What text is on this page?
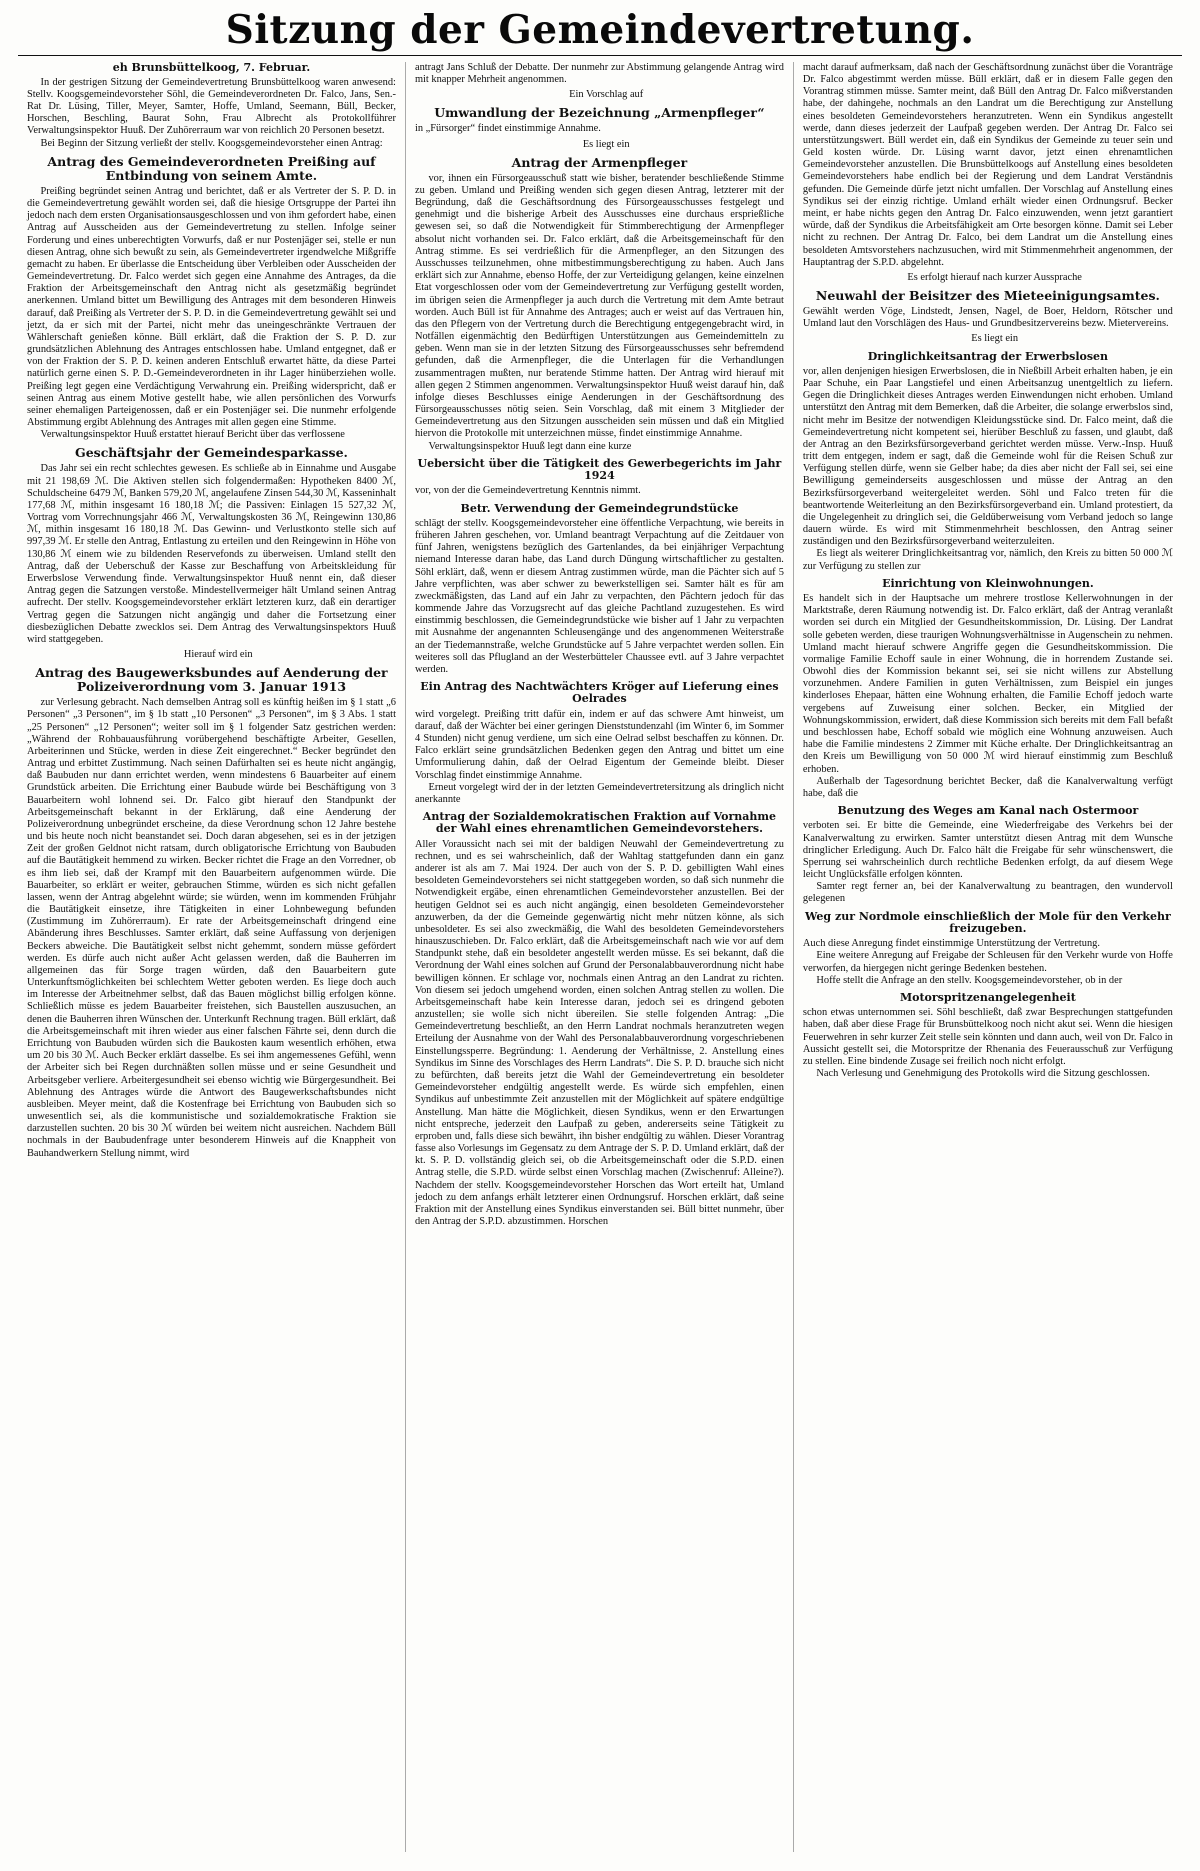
Sitzung der Gemeindevertretung.
eh Brunsbüttelkoog, 7. Februar.

In der gestrigen Sitzung der Gemeindevertretung Brunsbüttelkoog waren anwesend: Stellv. Koogsgemeindevorsteher Söhl, die Gemeindeverordneten Dr. Falco, Jans, Sen.-Rat Dr. Lüsing, Tiller, Meyer, Samter, Hoffe, Umland, Seemann, Büll, Becker, Horschen, Beschling, Baurat Sohn, Frau Albrecht als Protokollführer Verwaltungsinspektor Huuß. Der Zuhörerraum war von reichlich 20 Personen besetzt.

Bei Beginn der Sitzung verließt der stellv. Koogsgemeindevorsteher einen Antrag:

Antrag des Gemeindeverordneten Preißing auf Entbindung von seinem Amte.

Preißing begründet seinen Antrag und berichtet, daß er als Vertreter der S. P. D. in die Gemeindevertretung gewählt worden sei, daß die hiesige Ortsgruppe der Partei ihn jedoch nach dem ersten Organisationsausgeschlossen und von ihm gefordert habe, einen Antrag auf Ausscheiden aus der Gemeindevertretung zu stellen. Infolge seiner Forderung und eines unberechtigten Vorwurfs, daß er nur Postenjäger sei, stelle er nun diesen Antrag, ohne sich bewußt zu sein, als Gemeindevertreter irgendwelche Mißgriffe gemacht zu haben. Er überlasse die Entscheidung über Verbleiben oder Ausscheiden der Gemeindevertretung. Dr. Falco werdet sich gegen eine Annahme des Antrages, da die Fraktion der Arbeitsgemeinschaft den Antrag nicht als gesetzmäßig begründet anerkennen. Umland bittet um Bewilligung des Antrages mit dem besonderen Hinweis darauf, daß Preißing als Vertreter der S. P. D. in die Gemeindevertretung gewählt sei und jetzt, da er sich mit der Partei, nicht mehr das uneingeschränkte Vertrauen der Wählerschaft genießen könne. Büll erklärt, daß die Fraktion der S. P. D. zur grundsätzlichen Ablehnung des Antrages entschlossen habe. Umland entgegnet, daß er von der Fraktion der S. P. D. keinen anderen Entschluß erwartet hätte, da diese Partei natürlich gerne einen S. P. D.-Gemeindeverordneten in ihr Lager hinüberziehen wolle. Preißing legt gegen eine Verdächtigung Verwahrung ein. Preißing widerspricht, daß er seinen Antrag aus einem Motive gestellt habe, wie allen persönlichen des Vorwurfs seiner ehemaligen Parteigenossen, daß er ein Postenjäger sei. Die nunmehr erfolgende Abstimmung ergibt Ablehnung des Antrages mit allen gegen eine Stimme.

Verwaltungsinspektor Huuß erstattet hierauf Bericht über das verflossene

Geschäftsjahr der Gemeindesparkasse.

Das Jahr sei ein recht schlechtes gewesen. Es schließe ab in Einnahme und Ausgabe mit 21 198,69 ℳ. Die Aktiven stellen sich folgendermaßen: Hypotheken 8400 ℳ, Schuldscheine 6479 ℳ, Banken 579,20 ℳ, angelaufene Zinsen 544,30 ℳ, Kasseninhalt 177,68 ℳ, mithin insgesamt 16 180,18 ℳ; die Passiven: Einlagen 15 527,32 ℳ, Vortrag vom Vorrechnungsjahr 466 ℳ, Verwaltungskosten 36 ℳ, Reingewinn 130,86 ℳ, mithin insgesamt 16 180,18 ℳ. Das Gewinn- und Verlustkonto stelle sich auf 997,39 ℳ. Er stelle den Antrag, Entlastung zu erteilen und den Reingewinn in Höhe von 130,86 ℳ einem wie zu bildenden Reservefonds zu überweisen. Umland stellt den Antrag, daß der Ueberschuß der Kasse zur Beschaffung von Arbeitskleidung für Erwerbslose Verwendung finde. Verwaltungsinspektor Huuß nennt ein, daß dieser Antrag gegen die Satzungen verstoße. Mindestellvermeiger hält Umland seinen Antrag aufrecht. Der stellv. Koogsgemeindevorsteher erklärt letzteren kurz, daß ein derartiger Vertrag gegen die Satzungen nicht angängig und daher die Fortsetzung einer diesbezüglichen Debatte zwecklos sei. Dem Antrag des Verwaltungsinspektors Huuß wird stattgegeben.

Hierauf wird ein

Antrag des Baugewerksbundes auf Aenderung der Polizeiverordnung vom 3. Januar 1913

zur Verlesung gebracht. Nach demselben Antrag soll es künftig heißen im § 1 statt „6 Personen“ „3 Personen“, im § 1b statt „10 Personen“ „3 Personen“, im § 3 Abs. 1 statt „25 Personen“ „12 Personen“; weiter soll im § 1 folgender Satz gestrichen werden: „Während der Rohbauausführung vorübergehend beschäftigte Arbeiter, Gesellen, Arbeiterinnen und Stücke, werden in diese Zeit eingerechnet.“ Becker begründet den Antrag und erbittet Zustimmung. Nach seinen Dafürhalten sei es heute nicht angängig, daß Baubuden nur dann errichtet werden, wenn mindestens 6 Bauarbeiter auf einem Grundstück arbeiten. Die Errichtung einer Baubude würde bei Beschäftigung von 3 Bauarbeitern wohl lohnend sei. Dr. Falco gibt hierauf den Standpunkt der Arbeitsgemeinschaft bekannt in der Erklärung, daß eine Aenderung der Polizeiverordnung unbegründet erscheine, da diese Verordnung schon 12 Jahre bestehe und bis heute noch nicht beanstandet sei. Doch daran abgesehen, sei es in der jetzigen Zeit der großen Geldnot nicht ratsam, durch obligatorische Errichtung von Baubuden auf die Bautätigkeit hemmend zu wirken. Becker richtet die Frage an den Vorredner, ob es ihm lieb sei, daß der Krampf mit den Bauarbeitern aufgenommen würde. Die Bauarbeiter, so erklärt er weiter, gebrauchen Stimme, würden es sich nicht gefallen lassen, wenn der Antrag abgelehnt würde; sie würden, wenn im kommenden Frühjahr die Bautätigkeit einsetze, ihre Tätigkeiten in einer Lohnbewegung befunden (Zustimmung im Zuhörerraum). Er rate der Arbeitsgemeinschaft dringend eine Abänderung ihres Beschlusses. Samter erklärt, daß seine Auffassung von derjenigen Beckers abweiche. Die Bautätigkeit selbst nicht gehemmt, sondern müsse gefördert werden. Es dürfe auch nicht außer Acht gelassen werden, daß die Bauherren im allgemeinen das für Sorge tragen würden, daß den Bauarbeitern gute Unterkunftsmöglichkeiten bei schlechtem Wetter geboten werden. Es liege doch auch im Interesse der Arbeitnehmer selbst, daß das Bauen möglichst billig erfolgen könne. Schließlich müsse es jedem Bauarbeiter freistehen, sich Baustellen auszusuchen, an denen die Bauherren ihren Wünschen der. Unterkunft Rechnung tragen. Büll erklärt, daß die Arbeitsgemeinschaft mit ihren wieder aus einer falschen Fährte sei, denn durch die Errichtung von Baubuden würden sich die Baukosten kaum wesentlich erhöhen, etwa um 20 bis 30 ℳ. Auch Becker erklärt dasselbe. Es sei ihm angemessenes Gefühl, wenn der Arbeiter sich bei Regen durchnäßten sollen müsse und er seine Gesundheit und Arbeitsgeber verliere. Arbeitergesundheit sei ebenso wichtig wie Bürgergesundheit. Bei Ablehnung des Antrages würde die Antwort des Baugewerkschaftsbundes nicht ausbleiben. Meyer meint, daß die Kostenfrage bei Errichtung von Baubuden sich so unwesentlich sei, als die kommunistische und sozialdemokratische Fraktion sie darzustellen suchten. 20 bis 30 ℳ würden bei weitem nicht ausreichen. Nachdem Büll nochmals in der Baubudenfrage unter besonderem Hinweis auf die Knappheit von Bauhandwerkern Stellung nimmt, wird

antragt Jans Schluß der Debatte. Der nunmehr zur Abstimmung gelangende Antrag wird mit knapper Mehrheit angenommen.

Ein Vorschlag auf

Umwandlung der Bezeichnung „Armenpfleger“

in „Fürsorger“ findet einstimmige Annahme.

Es liegt ein

Antrag der Armenpfleger

vor, ihnen ein Fürsorgeausschuß statt wie bisher, beratender beschließende Stimme zu geben. Umland und Preißing wenden sich gegen diesen Antrag, letzterer mit der Begründung, daß die Geschäftsordnung des Fürsorgeausschusses festgelegt und genehmigt und die bisherige Arbeit des Ausschusses eine durchaus ersprießliche gewesen sei, so daß die Notwendigkeit für Stimmberechtigung der Armenpfleger absolut nicht vorhanden sei. Dr. Falco erklärt, daß die Arbeitsgemeinschaft für den Antrag stimme. Es sei verdrießlich für die Armenpfleger, an den Sitzungen des Ausschusses teilzunehmen, ohne mitbestimmungsberechtigung zu haben. Auch Jans erklärt sich zur Annahme, ebenso Hoffe, der zur Verteidigung gelangen, keine einzelnen Etat vorgeschlossen oder vom der Gemeindevertretung zur Verfügung gestellt worden, im übrigen seien die Armenpfleger ja auch durch die Vertretung mit dem Amte betraut worden. Auch Büll ist für Annahme des Antrages; auch er weist auf das Vertrauen hin, das den Pflegern von der Vertretung durch die Berechtigung entgegengebracht wird, in Notfällen eigenmächtig den Bedürftigen Unterstützungen aus Gemeindemitteln zu geben. Wenn man sie in der letzten Sitzung des Fürsorgeausschusses sehr befremdend gefunden, daß die Armenpfleger, die die Unterlagen für die Verhandlungen zusammentragen mußten, nur beratende Stimme hatten. Der Antrag wird hierauf mit allen gegen 2 Stimmen angenommen. Verwaltungsinspektor Huuß weist darauf hin, daß infolge dieses Beschlusses einige Aenderungen in der Geschäftsordnung des Fürsorgeausschusses nötig seien. Sein Vorschlag, daß mit einem 3 Mitglieder der Gemeindevertretung aus den Sitzungen ausscheiden sein müssen und daß ein Mitglied hiervon die Protokolle mit unterzeichnen müsse, findet einstimmige Annahme.

Verwaltungsinspektor Huuß legt dann eine kurze

Uebersicht über die Tätigkeit des Gewerbegerichts im Jahr 1924

vor, von der die Gemeindevertretung Kenntnis nimmt.

Betr. Verwendung der Gemeindegrundstücke

schlägt der stellv. Koogsgemeindevorsteher eine öffentliche Verpachtung, wie bereits in früheren Jahren geschehen, vor. Umland beantragt Verpachtung auf die Zeitdauer von fünf Jahren, wenigstens bezüglich des Gartenlandes, da bei einjähriger Verpachtung niemand Interesse daran habe, das Land durch Düngung wirtschaftlicher zu gestalten. Söhl erklärt, daß, wenn er diesem Antrag zustimmen würde, man die Pächter sich auf 5 Jahre verpflichten, was aber schwer zu bewerkstelligen sei. Samter hält es für am zweckmäßigsten, das Land auf ein Jahr zu verpachten, den Pächtern jedoch für das kommende Jahre das Vorzugsrecht auf das gleiche Pachtland zuzugestehen. Es wird einstimmig beschlossen, die Gemeindegrundstücke wie bisher auf 1 Jahr zu verpachten mit Ausnahme der angenannten Schleusengänge und des angenommenen Weiterstraße an der Tiedemannstraße, welche Grundstücke auf 5 Jahre verpachtet werden sollen. Ein weiteres soll das Pflugland an der Westerbütteler Chaussee evtl. auf 3 Jahre verpachtet werden.

Ein Antrag des Nachtwächters Kröger auf Lieferung eines Oelrades

wird vorgelegt. Preißing tritt dafür ein, indem er auf das schwere Amt hinweist, um darauf, daß der Wächter bei einer geringen Dienststundenzahl (im Winter 6, im Sommer 4 Stunden) nicht genug verdiene, um sich eine Oelrad selbst beschaffen zu können. Dr. Falco erklärt seine grundsätzlichen Bedenken gegen den Antrag und bittet um eine Umformulierung dahin, daß der Oelrad Eigentum der Gemeinde bleibt. Dieser Vorschlag findet einstimmige Annahme.

Erneut vorgelegt wird der in der letzten Gemeindevertretersitzung als dringlich nicht anerkannte

Antrag der Sozialdemokratischen Fraktion auf Vornahme der Wahl eines ehrenamtlichen Gemeindevorstehers.

Aller Voraussicht nach sei mit der baldigen Neuwahl der Gemeindevertretung zu rechnen, und es sei wahrscheinlich, daß der Wahltag stattgefunden dann ein ganz anderer ist als am 7. Mai 1924. Der auch von der S. P. D. gebilligten Wahl eines besoldeten Gemeindevorstehers sei nicht stattgegeben worden, so daß sich nunmehr die Notwendigkeit ergäbe, einen ehrenamtlichen Gemeindevorsteher anzustellen. Bei der heutigen Geldnot sei es auch nicht angängig, einen besoldeten Gemeindevorsteher anzuwerben, da der die Gemeinde gegenwärtig nicht mehr nützen könne, als sich unbesoldeter. Es sei also zweckmäßig, die Wahl des besoldeten Gemeindevorstehers hinauszuschieben. Dr. Falco erklärt, daß die Arbeitsgemeinschaft nach wie vor auf dem Standpunkt stehe, daß ein besoldeter angestellt werden müsse. Es sei bekannt, daß die Verordnung der Wahl eines solchen auf Grund der Personalabbauverordnung nicht habe bewilligen können. Er schlage vor, nochmals einen Antrag an den Landrat zu richten. Von diesem sei jedoch umgehend worden, einen solchen Antrag stellen zu wollen. Die Arbeitsgemeinschaft habe kein Interesse daran, jedoch sei es dringend geboten anzustellen; sie wolle sich nicht übereilen. Sie stelle folgenden Antrag: „Die Gemeindevertretung beschließt, an den Herrn Landrat nochmals heranzutreten wegen Erteilung der Ausnahme von der Wahl des Personalabbauverordnung vorgeschriebenen Einstellungssperre. Begründung: 1. Aenderung der Verhältnisse, 2. Anstellung eines Syndikus im Sinne des Vorschlages des Herrn Landrats“. Die S. P. D. brauche sich nicht zu befürchten, daß bereits jetzt die Wahl der Gemeindevertretung ein besoldeter Gemeindevorsteher endgültig angestellt werde. Es würde sich empfehlen, einen Syndikus auf unbestimmte Zeit anzustellen mit der Möglichkeit auf spätere endgültige Anstellung. Man hätte die Möglichkeit, diesen Syndikus, wenn er den Erwartungen nicht entspreche, jederzeit den Laufpaß zu geben, andererseits seine Tätigkeit zu erproben und, falls diese sich bewährt, ihn bisher endgültig zu wählen. Dieser Vorantrag fasse also Vorlesungs im Gegensatz zu dem Antrage der S. P. D. Umland erklärt, daß der kt. S. P. D. vollständig gleich sei, ob die Arbeitsgemeinschaft oder die S.P.D. einen Antrag stelle, die S.P.D. würde selbst einen Vorschlag machen (Zwischenruf: Alleine?). Nachdem der stellv. Koogsgemeindevorsteher Horschen das Wort erteilt hat, Umland jedoch zu dem anfangs erhält letzterer einen Ordnungsruf. Horschen erklärt, daß seine Fraktion mit der Anstellung eines Syndikus einverstanden sei. Büll bittet nunmehr, über den Antrag der S.P.D. abzustimmen. Horschen

macht darauf aufmerksam, daß nach der Geschäftsordnung zunächst über die Voranträge Dr. Falco abgestimmt werden müsse. Büll erklärt, daß er in diesem Falle gegen den Vorantrag stimmen müsse. Samter meint, daß Büll den Antrag Dr. Falco mißverstanden habe, der dahingehe, nochmals an den Landrat um die Berechtigung zur Anstellung eines besoldeten Gemeindevorstehers heranzutreten. Wenn ein Syndikus angestellt werde, dann dieses jederzeit der Laufpaß gegeben werden. Der Antrag Dr. Falco sei unterstützungswert. Büll werdet ein, daß ein Syndikus der Gemeinde zu teuer sein und Geld kosten würde. Dr. Lüsing warnt davor, jetzt einen ehrenamtlichen Gemeindevorsteher anzustellen. Die Brunsbüttelkoogs auf Anstellung eines besoldeten Gemeindevorstehers habe endlich bei der Regierung und dem Landrat Verständnis gefunden. Die Gemeinde dürfe jetzt nicht umfallen. Der Vorschlag auf Anstellung eines Syndikus sei der einzig richtige. Umland erhält wieder einen Ordnungsruf. Becker meint, er habe nichts gegen den Antrag Dr. Falco einzuwenden, wenn jetzt garantiert würde, daß der Syndikus die Arbeitsfähigkeit am Orte besorgen könne. Damit sei Leber nicht zu rechnen. Der Antrag Dr. Falco, bei dem Landrat um die Anstellung eines besoldeten Amtsvorstehers nachzusuchen, wird mit Stimmenmehrheit angenommen, der Hauptantrag der S.P.D. abgelehnt.

Es erfolgt hierauf nach kurzer Aussprache

Neuwahl der Beisitzer des Mieteeinigungsamtes.

Gewählt werden Vöge, Lindstedt, Jensen, Nagel, de Boer, Heldorn, Rötscher und Umland laut den Vorschlägen des Haus- und Grundbesitzervereins bezw. Mietervereins.

Es liegt ein

Dringlichkeitsantrag der Erwerbslosen

vor, allen denjenigen hiesigen Erwerbslosen, die in Nießbill Arbeit erhalten haben, je ein Paar Schuhe, ein Paar Langstiefel und einen Arbeitsanzug unentgeltlich zu liefern. Gegen die Dringlichkeit dieses Antrages werden Einwendungen nicht erhoben. Umland unterstützt den Antrag mit dem Bemerken, daß die Arbeiter, die solange erwerbslos sind, nicht mehr im Besitze der notwendigen Kleidungsstücke sind. Dr. Falco meint, daß die Gemeindevertretung nicht kompetent sei, hierüber Beschluß zu fassen, und glaubt, daß der Antrag an den Bezirksfürsorgeverband gerichtet werden müsse. Verw.-Insp. Huuß tritt dem entgegen, indem er sagt, daß die Gemeinde wohl für die Reisen Schuß zur Verfügung stellen dürfe, wenn sie Gelber habe; da dies aber nicht der Fall sei, sei eine Bewilligung gemeinderseits ausgeschlossen und müsse der Antrag an den Bezirksfürsorgeverband weitergeleitet werden. Söhl und Falco treten für die beantwortende Weiterleitung an den Bezirksfürsorgeverband ein. Umland protestiert, da die Ungelegenheit zu dringlich sei, die Geldüberweisung vom Verband jedoch so lange dauern würde. Es wird mit Stimmenmehrheit beschlossen, den Antrag seiner zuständigen und den Bezirksfürsorgeverband weiterzuleiten.

Es liegt als weiterer Dringlichkeitsantrag vor, nämlich, den Kreis zu bitten 50 000 ℳ zur Verfügung zu stellen zur

Einrichtung von Kleinwohnungen.

Es handelt sich in der Hauptsache um mehrere trostlose Kellerwohnungen in der Marktstraße, deren Räumung notwendig ist. Dr. Falco erklärt, daß der Antrag veranlaßt worden sei durch ein Mitglied der Gesundheitskommission, Dr. Lüsing. Der Landrat solle gebeten werden, diese traurigen Wohnungsverhältnisse in Augenschein zu nehmen. Umland macht hierauf schwere Angriffe gegen die Gesundheitskommission. Die vormalige Familie Echoff saule in einer Wohnung, die in horrendem Zustande sei. Obwohl dies der Kommission bekannt sei, sei sie nicht willens zur Abstellung vorzunehmen. Andere Familien in guten Verhältnissen, zum Beispiel ein junges kinderloses Ehepaar, hätten eine Wohnung erhalten, die Familie Echoff jedoch warte vergebens auf Zuweisung einer solchen. Becker, ein Mitglied der Wohnungskommission, erwidert, daß diese Kommission sich bereits mit dem Fall befaßt und beschlossen habe, Echoff sobald wie möglich eine Wohnung anzuweisen. Auch habe die Familie mindestens 2 Zimmer mit Küche erhalte. Der Dringlichkeitsantrag an den Kreis um Bewilligung von 50 000 ℳ wird hierauf einstimmig zum Beschluß erhoben.

Außerhalb der Tagesordnung berichtet Becker, daß die Kanalverwaltung verfügt habe, daß die

Benutzung des Weges am Kanal nach Ostermoor

verboten sei. Er bitte die Gemeinde, eine Wiederfreigabe des Verkehrs bei der Kanalverwaltung zu erwirken. Samter unterstützt diesen Antrag mit dem Wunsche dringlicher Erledigung. Auch Dr. Falco hält die Freigabe für sehr wünschenswert, die Sperrung sei wahrscheinlich durch rechtliche Bedenken erfolgt, da auf diesem Wege leicht Unglücksfälle erfolgen könnten.

Samter regt ferner an, bei der Kanalverwaltung zu beantragen, den wundervoll gelegenen

Weg zur Nordmole einschließlich der Mole für den Verkehr freizugeben.

Auch diese Anregung findet einstimmige Unterstützung der Vertretung.

Eine weitere Anregung auf Freigabe der Schleusen für den Verkehr wurde von Hoffe verworfen, da hiergegen nicht geringe Bedenken bestehen.

Hoffe stellt die Anfrage an den stellv. Koogsgemeindevorsteher, ob in der

Motorspritzenangelegenheit

schon etwas unternommen sei. Söhl beschließt, daß zwar Besprechungen stattgefunden haben, daß aber diese Frage für Brunsbüttelkoog noch nicht akut sei. Wenn die hiesigen Feuerwehren in sehr kurzer Zeit stelle sein könnten und dann auch, weil von Dr. Falco in Aussicht gestellt sei, die Motorspritze der Rhenania des Feuerausschuß zur Verfügung zu stellen. Eine bindende Zusage sei freilich noch nicht erfolgt.

Nach Verlesung und Genehmigung des Protokolls wird die Sitzung geschlossen.
